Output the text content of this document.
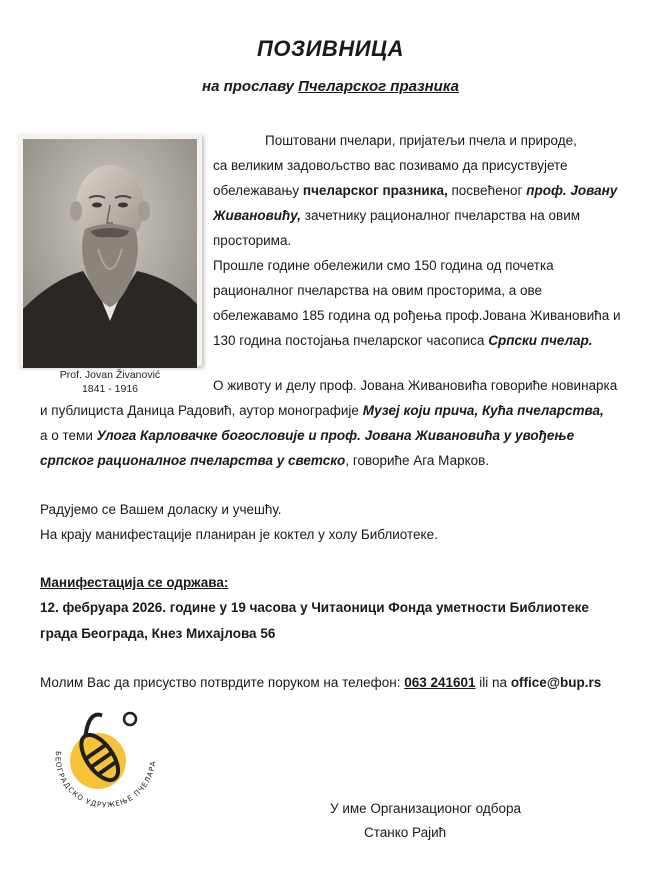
ПОЗИВНИЦА
на прославу Пчеларског празника
Prof. Jovan Živanović
1841 - 1916
Поштовани пчелари, пријатељи пчела и природе,
са великим задовољство вас позивамо да присуствујете
обележавању пчеларског празника, посвећеног проф. Јовану
Живановићу, зачетнику рационалног пчеларства на овим
просторима.
Прошле године обележили смо 150 година од почетка
рационалног пчеларства на овим просторима, а ове
обележавамо 185 година од рођења проф.Јована Живановића и
130 година постојања пчеларског часописа Српски пчелар.
О животу и делу проф. Јована Живановића говориће новинарка
и публициста Даница Радовић, аутор монографије Музеј који прича, Кућа пчеларства,
а о теми Улога Карловачке богословије и проф. Јована Живановића у увођење
српског рационалног пчеларства у светско, говориће Ага Марков.
Радујемо се Вашем доласку и учешћу.
На крају манифестације планиран је коктел у холу Библиотеке.
Манифестација се одржава:
12. фебруара 2026. године у 19 часова у Читаоници Фонда уметности Библиотеке
града Београда, Кнез Михајлова 56
Молим Вас да присуство потврдите поруком на телефон: 063 241601 ili na office@bup.rs
БЕОГРАДСКО УДРУЖЕЊЕ ПЧЕЛАРА
У име Организационог одбора
Станко Рајић
